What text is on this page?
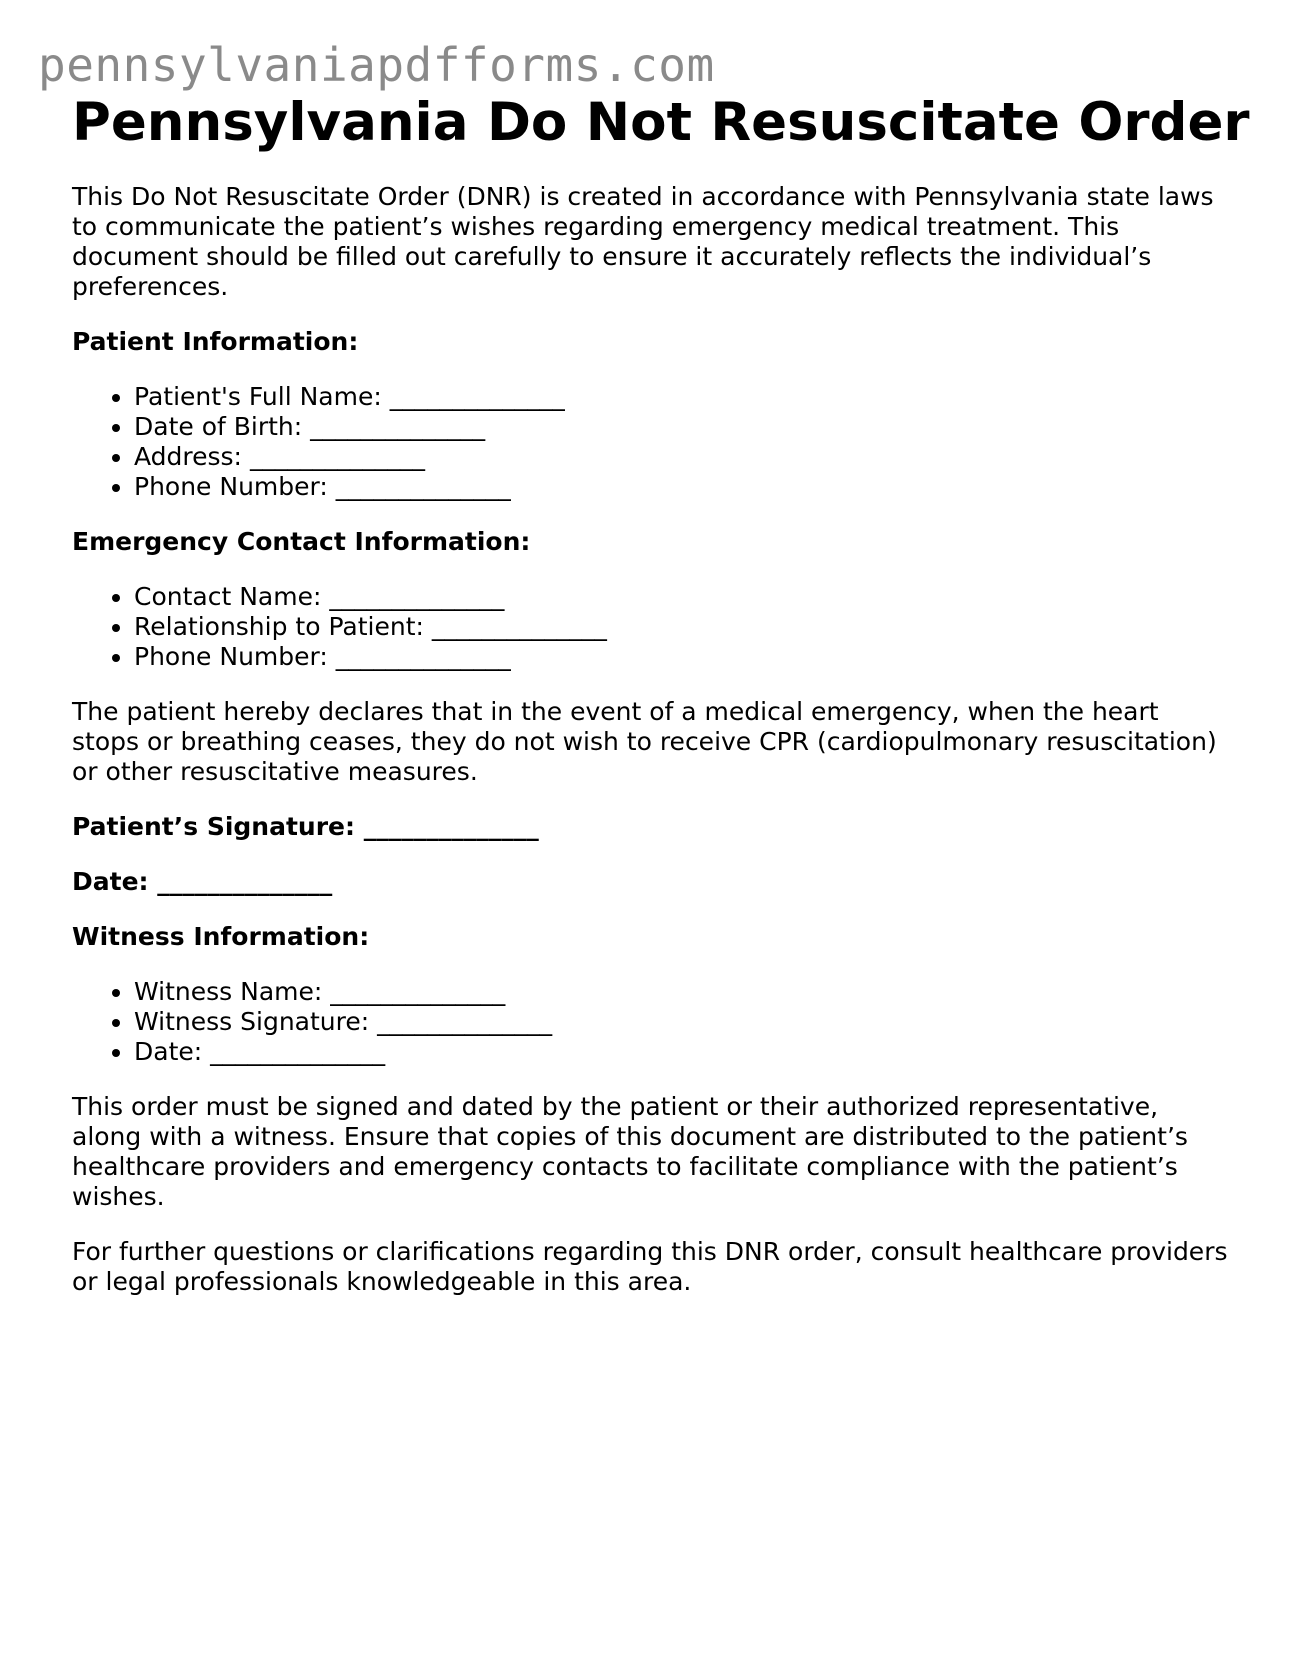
pennsylvaniapdfforms.com
Pennsylvania Do Not Resuscitate Order

This Do Not Resuscitate Order (DNR) is created in accordance with Pennsylvania state laws to communicate the patient’s wishes regarding emergency medical treatment. This document should be filled out carefully to ensure it accurately reflects the individual’s preferences.

Patient Information:

• Patient's Full Name: ______________
• Date of Birth: ______________
• Address: ______________
• Phone Number: ______________

Emergency Contact Information:

• Contact Name: ______________
• Relationship to Patient: ______________
• Phone Number: ______________

The patient hereby declares that in the event of a medical emergency, when the heart stops or breathing ceases, they do not wish to receive CPR (cardiopulmonary resuscitation) or other resuscitative measures.

Patient’s Signature: ______________

Date: ______________

Witness Information:

• Witness Name: ______________
• Witness Signature: ______________
• Date: ______________

This order must be signed and dated by the patient or their authorized representative, along with a witness. Ensure that copies of this document are distributed to the patient’s healthcare providers and emergency contacts to facilitate compliance with the patient’s wishes.

For further questions or clarifications regarding this DNR order, consult healthcare providers or legal professionals knowledgeable in this area.
